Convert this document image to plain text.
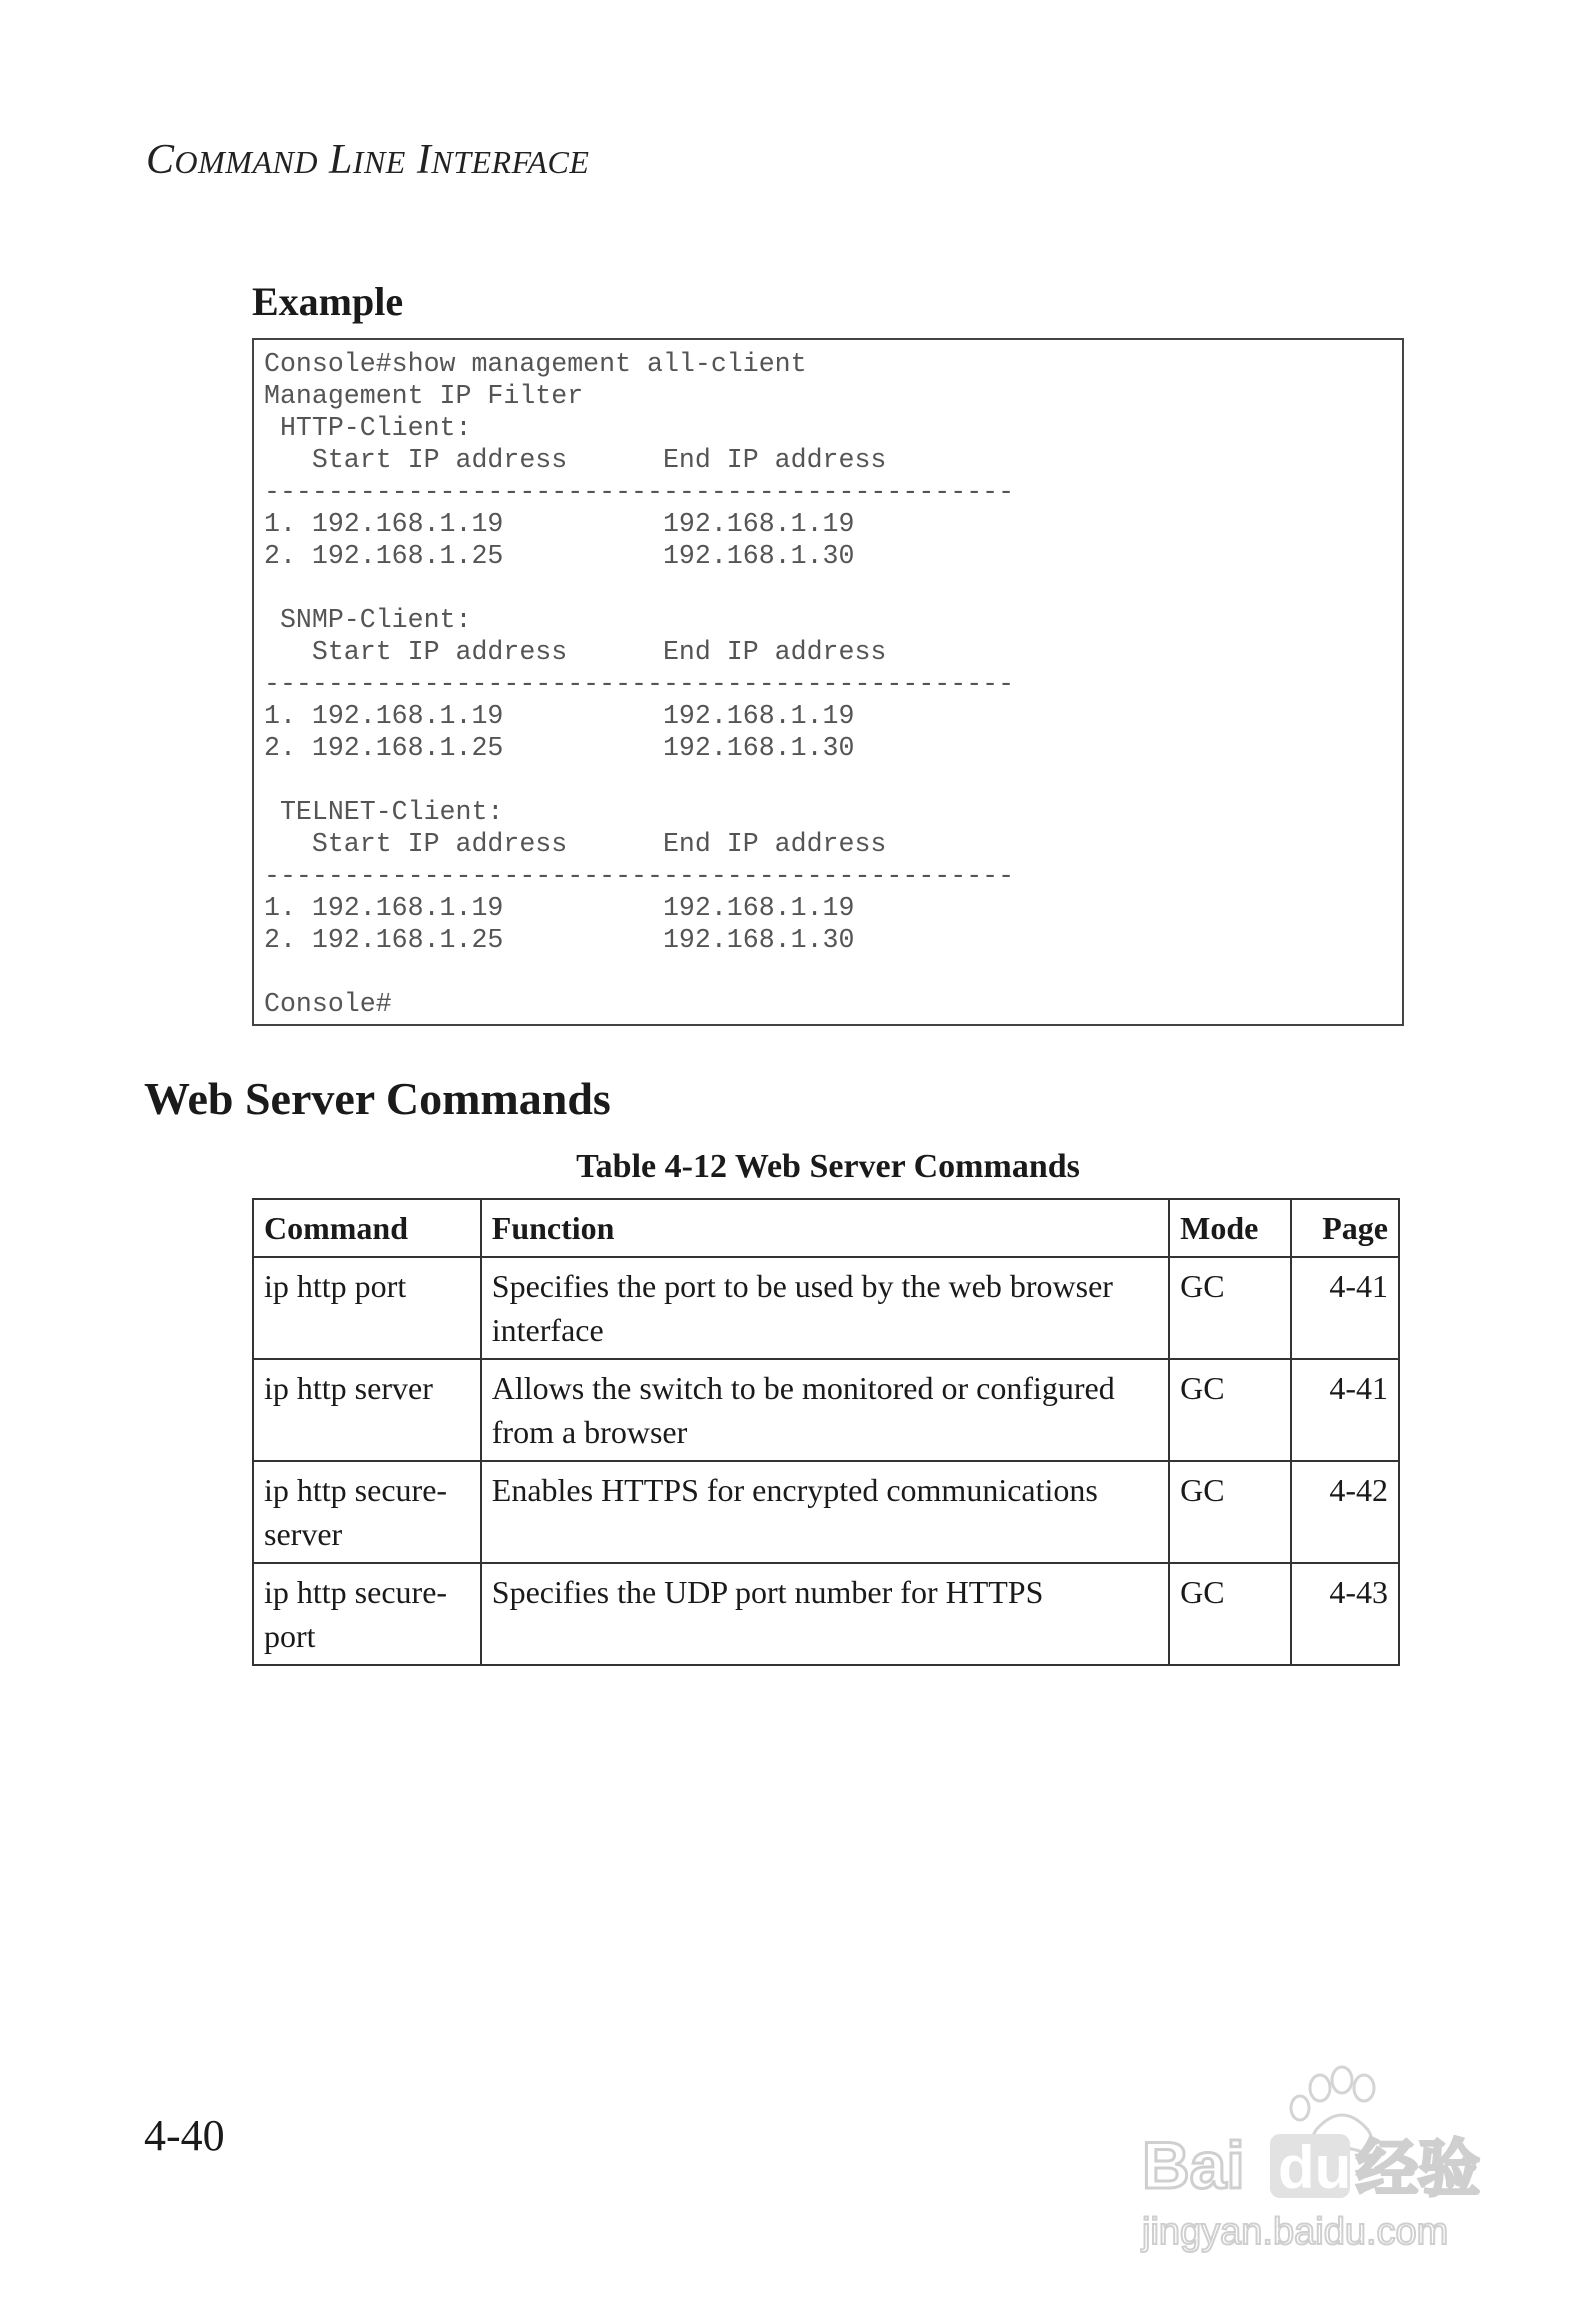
COMMAND LINE INTERFACE
Example
Console#show management all-client
Management IP Filter
HTTP-Client:
Start IP address      End IP address
-----------------------------------------------
1. 192.168.1.19          192.168.1.19
2. 192.168.1.25          192.168.1.30

SNMP-Client:
Start IP address      End IP address
-----------------------------------------------
1. 192.168.1.19          192.168.1.19
2. 192.168.1.25          192.168.1.30

TELNET-Client:
Start IP address      End IP address
-----------------------------------------------
1. 192.168.1.19          192.168.1.19
2. 192.168.1.25          192.168.1.30

Console#
Web Server Commands
Table 4-12 Web Server Commands
Command	Function	Mode	Page
ip http port	Specifies the port to be used by the web browser interface	GC	4-41
ip http server	Allows the switch to be monitored or configured from a browser	GC	4-41
ip http secure-server	Enables HTTPS for encrypted communications	GC	4-42
ip http secure-port	Specifies the UDP port number for HTTPS	GC	4-43
4-40	Bai du 经验
jingyan.baidu.com
